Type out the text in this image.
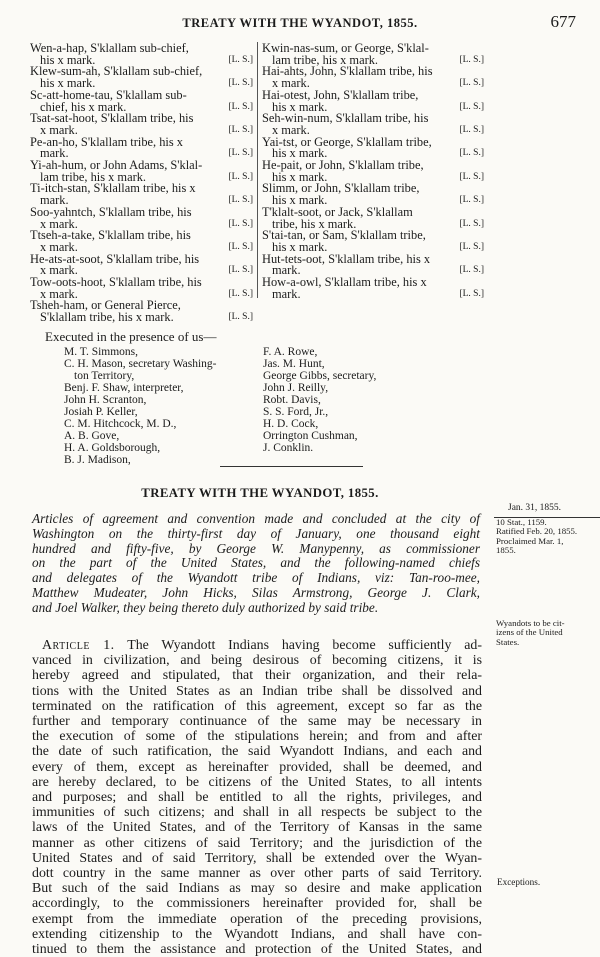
TREATY WITH THE WYANDOT, 1855.	677
Wen-a-hap, S'klallam sub-chief,
his x mark.	[L. S.]
Klew-sum-ah, S'klallam sub-chief,
his x mark.	[L. S.]
Sc-att-home-tau, S'klallam sub-
chief, his x mark.	[L. S.]
Tsat-sat-hoot, S'klallam tribe, his
x mark.	[L. S.]
Pe-an-ho, S'klallam tribe, his x
mark.	[L. S.]
Yi-ah-hum, or John Adams, S'klal-
lam tribe, his x mark.	[L. S.]
Ti-itch-stan, S'klallam tribe, his x
mark.	[L. S.]
Soo-yahntch, S'klallam tribe, his
x mark.	[L. S.]
Ttseh-a-take, S'klallam tribe, his
x mark.	[L. S.]
He-ats-at-soot, S'klallam tribe, his
x mark.	[L. S.]
Tow-oots-hoot, S'klallam tribe, his
x mark.	[L. S.]
Tsheh-ham, or General Pierce,
S'klallam tribe, his x mark.	[L. S.]
Kwin-nas-sum, or George, S'klal-
lam tribe, his x mark.	[L. S.]
Hai-ahts, John, S'klallam tribe, his
x mark.	[L. S.]
Hai-otest, John, S'klallam tribe,
his x mark.	[L. S.]
Seh-win-num, S'klallam tribe, his
x mark.	[L. S.]
Yai-tst, or George, S'klallam tribe,
his x mark.	[L. S.]
He-pait, or John, S'klallam tribe,
his x mark.	[L. S.]
Slimm, or John, S'klallam tribe,
his x mark.	[L. S.]
T'klalt-soot, or Jack, S'klallam
tribe, his x mark.	[L. S.]
S'tai-tan, or Sam, S'klallam tribe,
his x mark.	[L. S.]
Hut-tets-oot, S'klallam tribe, his x
mark.	[L. S.]
How-a-owl, S'klallam tribe, his x
mark.	[L. S.]
Executed in the presence of us—
M. T. Simmons,
C. H. Mason, secretary Washing-
ton Territory,
Benj. F. Shaw, interpreter,
John H. Scranton,
Josiah P. Keller,
C. M. Hitchcock, M. D.,
A. B. Gove,
H. A. Goldsborough,
B. J. Madison,
F. A. Rowe,
Jas. M. Hunt,
George Gibbs, secretary,
John J. Reilly,
Robt. Davis,
S. S. Ford, Jr.,
H. D. Cock,
Orrington Cushman,
J. Conklin.
TREATY WITH THE WYANDOT, 1855.
Jan. 31, 1855.
10 Stat., 1159.
Ratified Feb. 20, 1855.
Proclaimed Mar. 1,
1855.
Articles of agreement and convention made and concluded at the city of
Washington on the thirty-first day of January, one thousand eight
hundred and fifty-five, by George W. Manypenny, as commissioner
on the part of the United States, and the following-named chiefs
and delegates of the Wyandott tribe of Indians, viz: Tan-roo-mee,
Matthew Mudeater, John Hicks, Silas Armstrong, George J. Clark,
and Joel Walker, they being thereto duly authorized by said tribe.
Wyandots to be cit-
izens of the United
States.
Article 1. The Wyandott Indians having become sufficiently ad-
vanced in civilization, and being desirous of becoming citizens, it is
hereby agreed and stipulated, that their organization, and their rela-
tions with the United States as an Indian tribe shall be dissolved and
terminated on the ratification of this agreement, except so far as the
further and temporary continuance of the same may be necessary in
the execution of some of the stipulations herein; and from and after
the date of such ratification, the said Wyandott Indians, and each and
every of them, except as hereinafter provided, shall be deemed, and
are hereby declared, to be citizens of the United States, to all intents
and purposes; and shall be entitled to all the rights, privileges, and
immunities of such citizens; and shall in all respects be subject to the
laws of the United States, and of the Territory of Kansas in the same
manner as other citizens of said Territory; and the jurisdiction of the
United States and of said Territory, shall be extended over the Wyan-
dott country in the same manner as over other parts of said Territory.
But such of the said Indians as may so desire and make application
accordingly, to the commissioners hereinafter provided for, shall be
exempt from the immediate operation of the preceding provisions,
extending citizenship to the Wyandott Indians, and shall have con-
tinued to them the assistance and protection of the United States, and
Exceptions.
